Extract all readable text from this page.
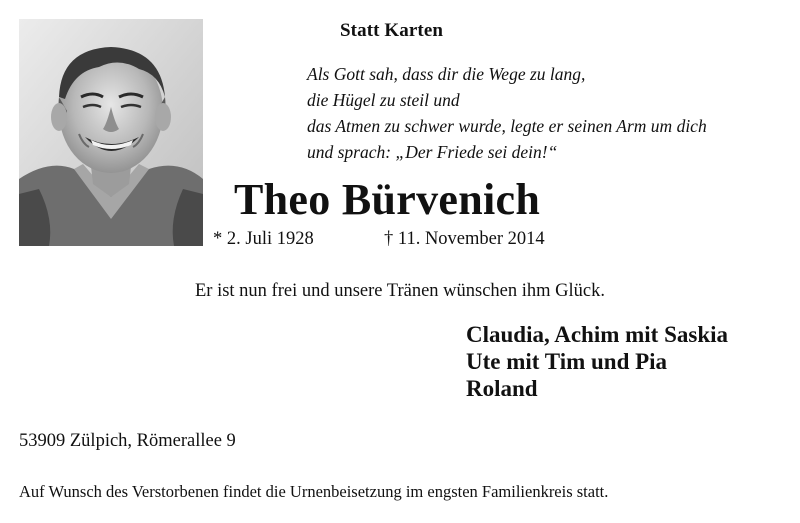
Statt Karten
Als Gott sah, dass dir die Wege zu lang,
die Hügel zu steil und
das Atmen zu schwer wurde, legte er seinen Arm um dich
und sprach: „Der Friede sei dein!“
Theo Bürvenich
* 2. Juli 1928	† 11. November 2014
Er ist nun frei und unsere Tränen wünschen ihm Glück.
Claudia, Achim mit Saskia
Ute mit Tim und Pia
Roland
53909 Zülpich, Römerallee 9
Auf Wunsch des Verstorbenen findet die Urnenbeisetzung im engsten Familienkreis statt.
